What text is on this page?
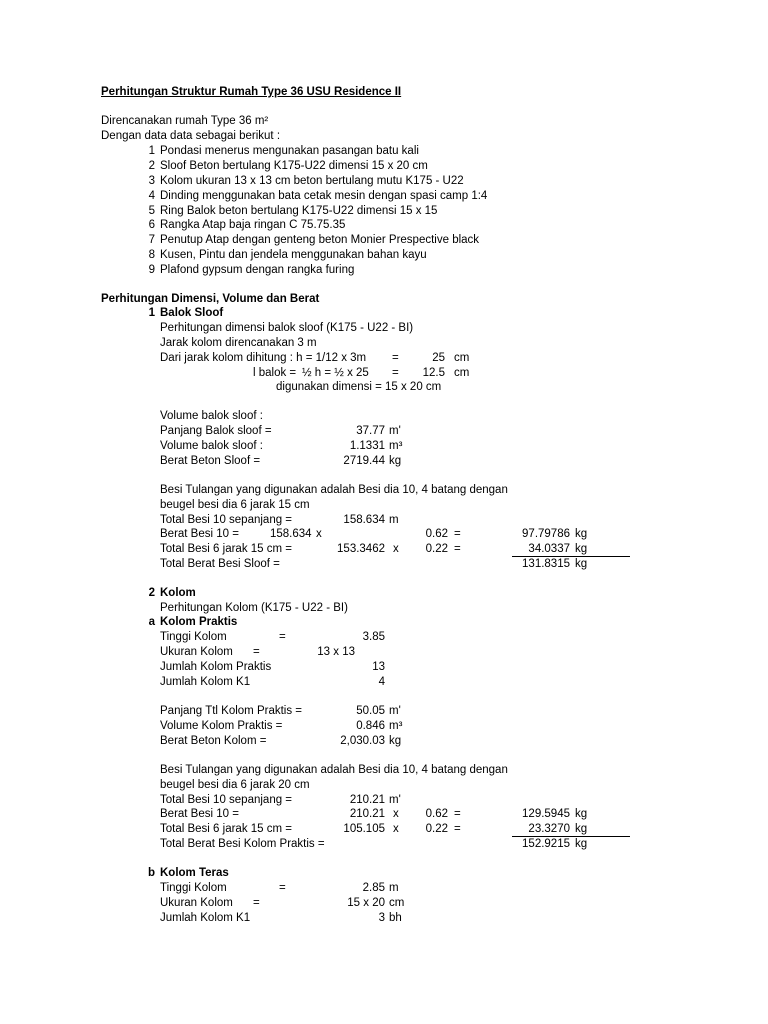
Perhitungan Struktur Rumah Type 36 USU Residence II
Direncanakan rumah Type 36 m²
Dengan data data sebagai berikut :
1 Pondasi menerus mengunakan pasangan batu kali
2 Sloof Beton bertulang K175-U22 dimensi 15 x 20 cm
3 Kolom ukuran 13 x 13 cm beton bertulang mutu K175 - U22
4 Dinding menggunakan bata cetak mesin dengan spasi camp 1:4
5 Ring Balok beton bertulang K175-U22 dimensi 15 x 15
6 Rangka Atap baja ringan C 75.75.35
7 Penutup Atap dengan genteng beton Monier Prespective black
8 Kusen, Pintu dan jendela menggunakan bahan kayu
9 Plafond gypsum dengan rangka furing
Perhitungan Dimensi, Volume dan Berat
1 Balok Sloof
Perhitungan dimensi balok sloof (K175 - U22 - BI)
Jarak kolom direncanakan 3 m
Dari jarak kolom dihitung : h = 1/12 x 3m =	25 cm
l balok = ½ h = ½ x 25 =	12.5 cm
digunakan dimensi = 15 x 20 cm
Volume balok sloof :
Panjang Balok sloof =	37.77 m'
Volume balok sloof :	1.1331 m³
Berat Beton Sloof =	2719.44 kg
Besi Tulangan yang digunakan adalah Besi dia 10, 4 batang dengan
beugel besi dia 6 jarak 15 cm
Total Besi 10 sepanjang =	158.634 m
Berat Besi 10 =	158.634 x	0.62 =	97.79786 kg
Total Besi 6 jarak 15 cm =	153.3462 x	0.22 =	34.0337 kg
Total Berat Besi Sloof =	131.8315 kg
2 Kolom
Perhitungan Kolom (K175 - U22 - BI)
a Kolom Praktis
Tinggi Kolom	=	3.85
Ukuran Kolom =	13 x 13
Jumlah Kolom Praktis	13
Jumlah Kolom K1	4
Panjang Ttl Kolom Praktis =	50.05 m'
Volume Kolom Praktis =	0.846 m³
Berat Beton Kolom =	2,030.03 kg
Besi Tulangan yang digunakan adalah Besi dia 10, 4 batang dengan
beugel besi dia 6 jarak 20 cm
Total Besi 10 sepanjang =	210.21 m'
Berat Besi 10 =	210.21 x	0.62 =	129.5945 kg
Total Besi 6 jarak 15 cm =	105.105 x	0.22 =	23.3270 kg
Total Berat Besi Kolom Praktis =	152.9215 kg
b Kolom Teras
Tinggi Kolom	=	2.85 m
Ukuran Kolom =	15 x 20 cm
Jumlah Kolom K1	3 bh
